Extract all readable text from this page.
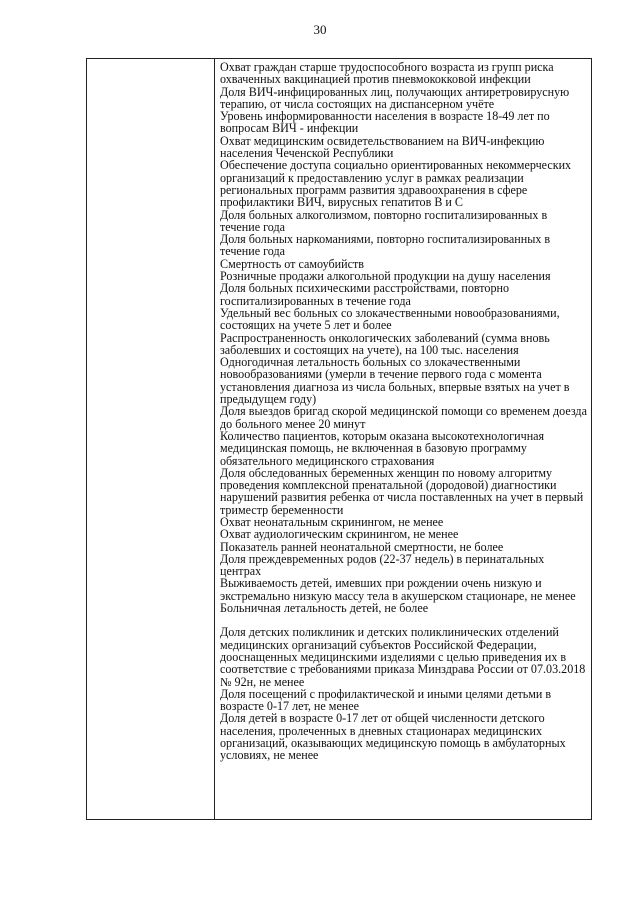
30

Охват граждан старше трудоспособного возраста из групп риска охваченных вакцинацией против пневмококковой инфекции

Доля ВИЧ-инфицированных лиц, получающих антиретровирусную терапию, от числа состоящих на диспансерном учёте

Уровень информированности населения в возрасте 18-49 лет по вопросам ВИЧ - инфекции

Охват медицинским освидетельствованием на ВИЧ-инфекцию населения Чеченской Республики

Обеспечение доступа социально ориентированных некоммерческих организаций к предоставлению услуг в рамках реализации региональных программ развития здравоохранения в сфере профилактики ВИЧ, вирусных гепатитов В и С

Доля больных алкоголизмом, повторно госпитализированных в течение года

Доля больных наркоманиями, повторно госпитализированных в течение года

Смертность от самоубийств

Розничные продажи алкогольной продукции на душу населения

Доля больных психическими расстройствами, повторно госпитализированных в течение года

Удельный вес больных со злокачественными новообразованиями, состоящих на учете 5 лет и более

Распространенность онкологических заболеваний (сумма вновь заболевших и состоящих на учете), на 100 тыс. населения

Одногодичная летальность больных со злокачественными новообразованиями (умерли в течение первого года с момента установления диагноза из числа больных, впервые взятых на учет в предыдущем году)

Доля выездов бригад скорой медицинской помощи со временем доезда до больного менее 20 минут

Количество пациентов, которым оказана высокотехнологичная медицинская помощь, не включенная в базовую программу обязательного медицинского страхования

Доля обследованных беременных женщин по новому алгоритму проведения комплексной пренатальной (дородовой) диагностики нарушений развития ребенка от числа поставленных на учет в первый триместр беременности

Охват неонатальным скринингом, не менее

Охват аудиологическим скринингом, не менее

Показатель ранней неонатальной смертности, не более

Доля преждевременных родов (22-37 недель) в перинатальных центрах

Выживаемость детей, имевших при рождении очень низкую и экстремально низкую массу тела в акушерском стационаре, не менее

Больничная летальность детей, не более

Доля детских поликлиник и детских поликлинических отделений медицинских организаций субъектов Российской Федерации, дооснащенных медицинскими изделиями с целью приведения их в соответствие с требованиями приказа Минздрава России от 07.03.2018 № 92н, не менее

Доля посещений с профилактической и иными целями детьми в возрасте 0-17 лет, не менее

Доля детей в возрасте 0-17 лет от общей численности детского населения, пролеченных в дневных стационарах медицинских организаций, оказывающих медицинскую помощь в амбулаторных условиях, не менее
